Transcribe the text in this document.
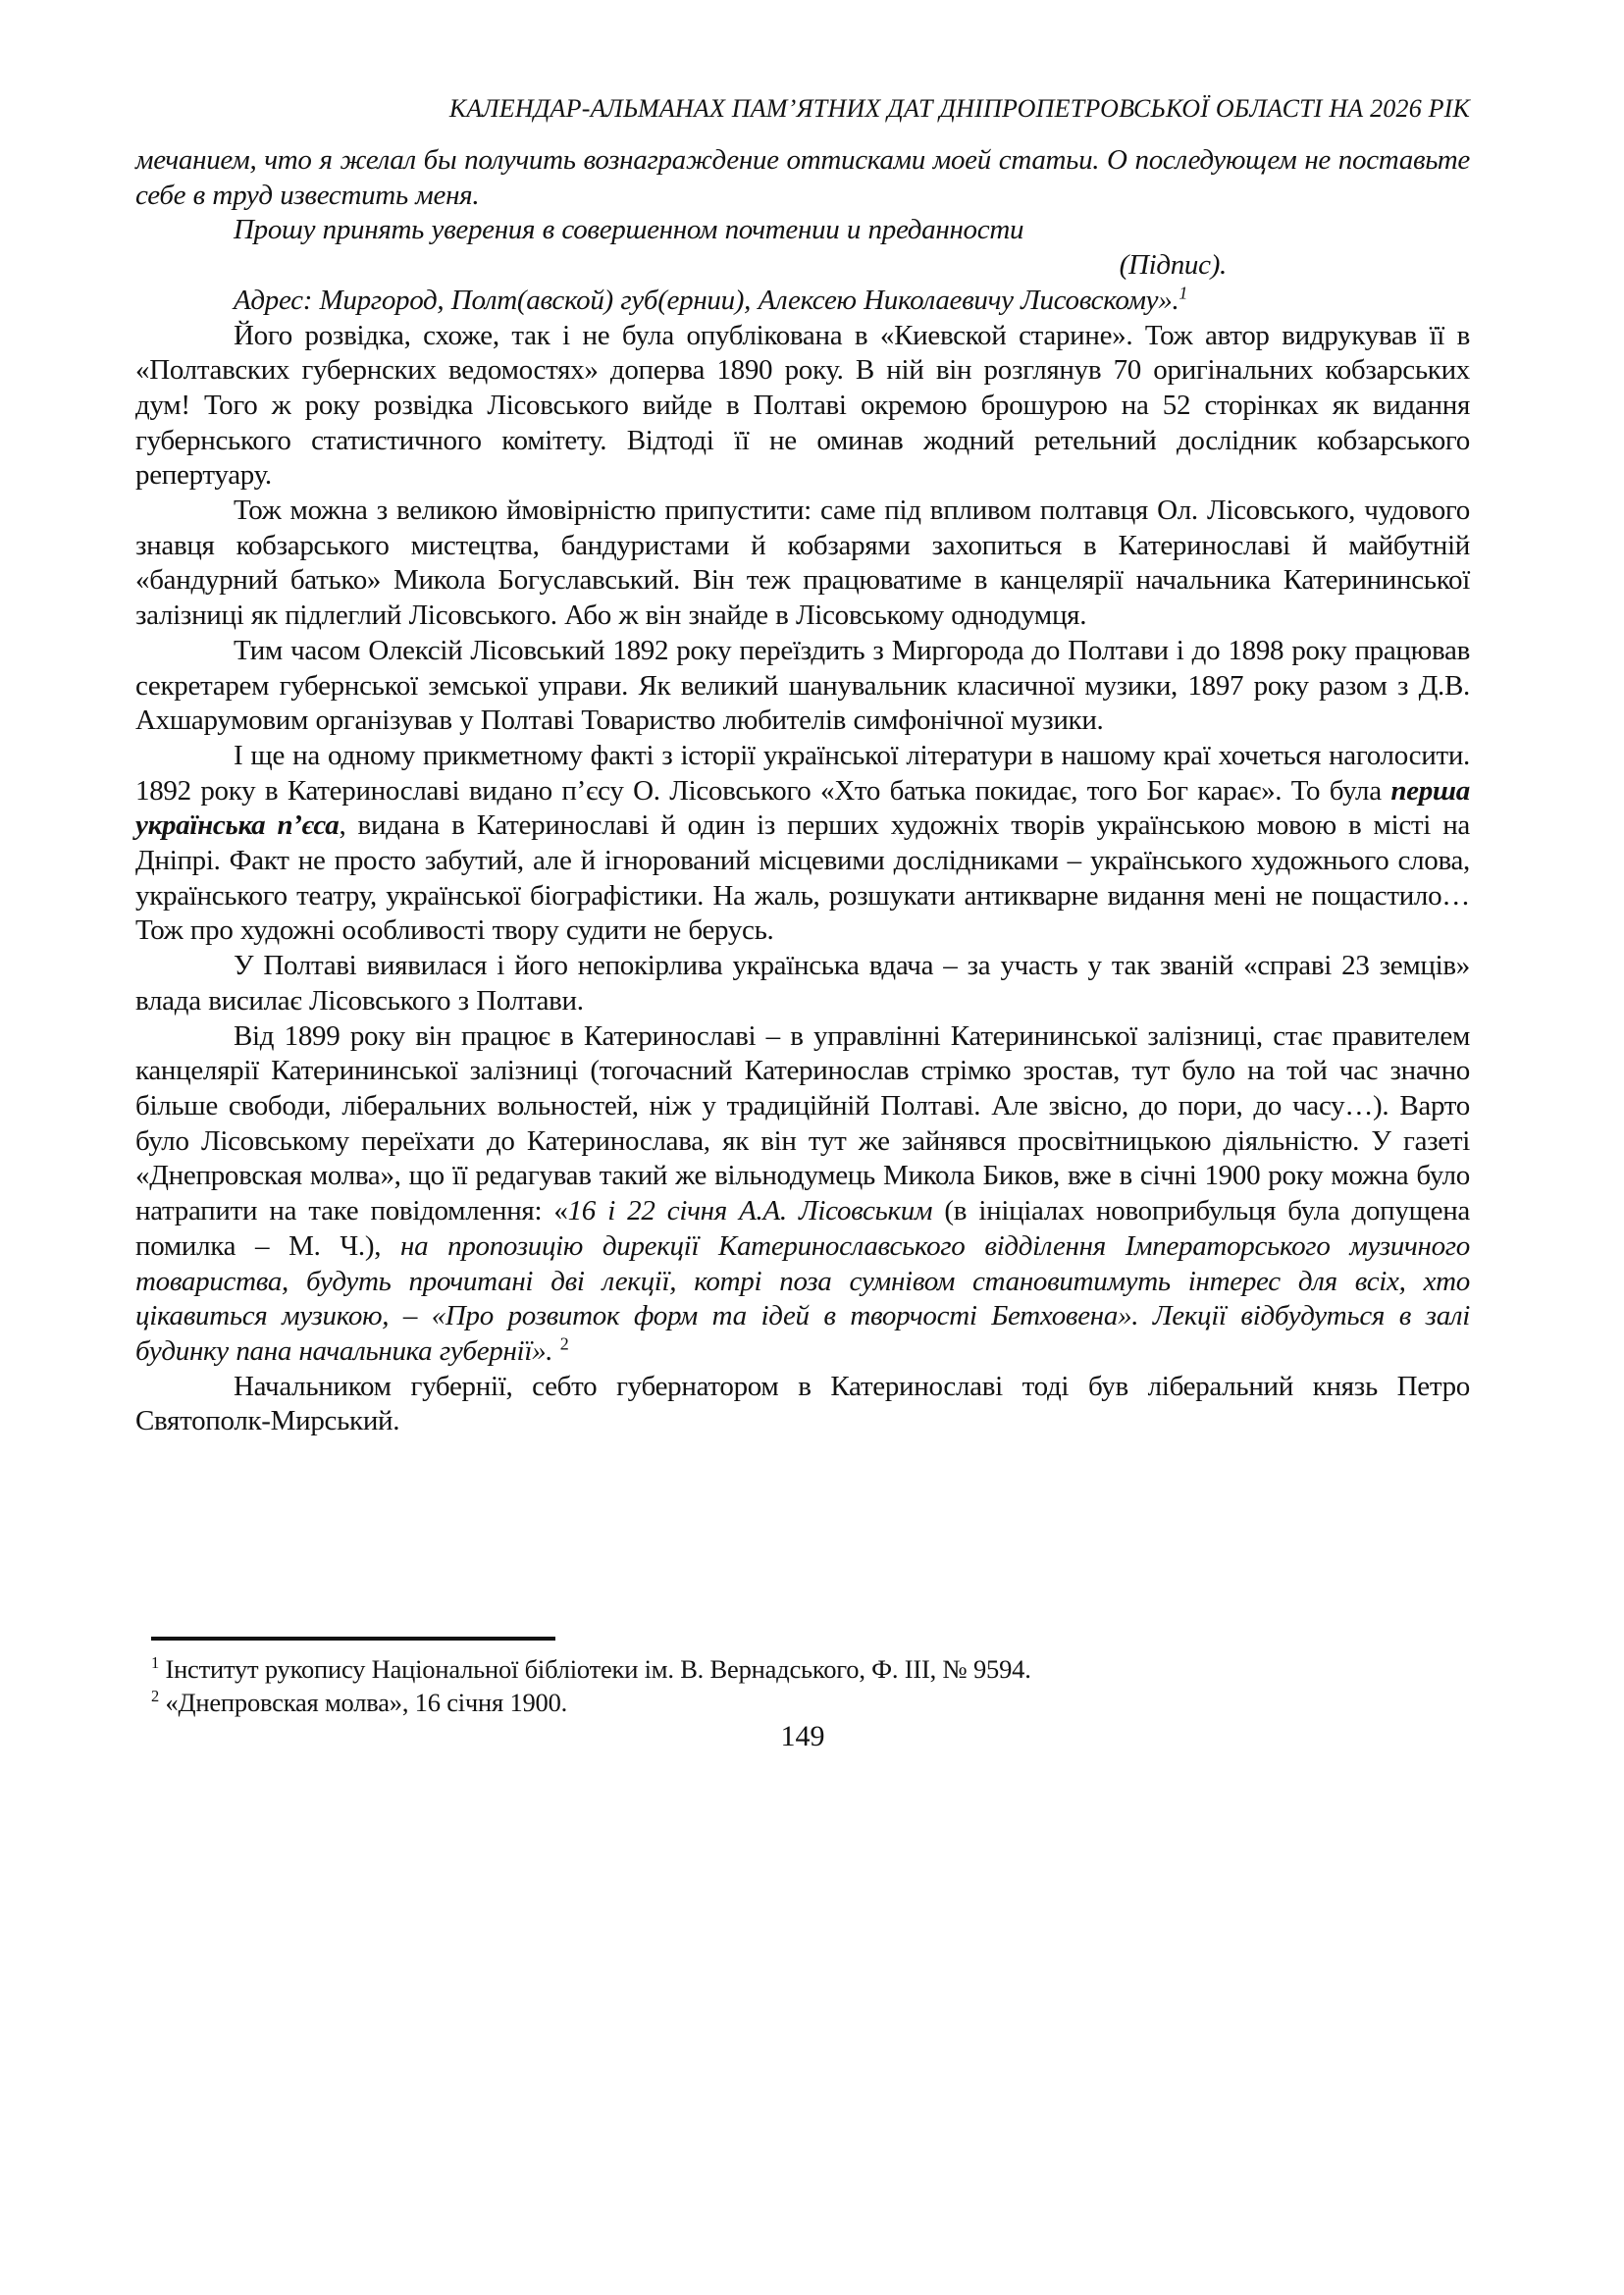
КАЛЕНДАР-АЛЬМАНАХ ПАМ’ЯТНИХ ДАТ ДНІПРОПЕТРОВСЬКОЇ ОБЛАСТІ НА 2026 РІК

мечанием, что я желал бы получить вознаграждение оттисками моей статьи. О последующем не поставьте себе в труд известить меня.

Прошу принять уверения в совершенном почтении и преданности

(Підпис).

Адрес: Миргород, Полт(авской) губ(ернии), Алексею Николаевичу Лисовскому».$^1$

Його розвідка, схоже, так і не була опублікована в «Киевской старине». Тож автор видрукував її в «Полтавских губернских ведомостях» доперва 1890 року. В ній він розглянув 70 оригінальних кобзарських дум! Того ж року розвідка Лісовського вийде в Полтаві окремою брошурою на 52 сторінках як видання губернського статистичного комітету. Відтоді її не оминав жодний ретельний дослідник кобзарського репертуару.

Тож можна з великою ймовірністю припустити: саме під впливом полтавця Ол. Лісовського, чудового знавця кобзарського мистецтва, бандуристами й кобзарями захопиться в Катеринославі й майбутній «бандурний батько» Микола Богуславський. Він теж працюватиме в канцелярії начальника Катерининської залізниці як підлеглий Лісовського. Або ж він знайде в Лісовському однодумця.

Тим часом Олексій Лісовський 1892 року переїздить з Миргорода до Полтави і до 1898 року працював секретарем губернської земської управи. Як великий шанувальник класичної музики, 1897 року разом з Д.В. Ахшарумовим організував у Полтаві Товариство любителів симфонічної музики.

І ще на одному прикметному факті з історії української літератури в нашому краї хочеться наголосити. 1892 року в Катеринославі видано п’єсу О. Лісовського «Хто батька покидає, того Бог карає». То була перша українська п’єса, видана в Катеринославі й один із перших художніх творів українською мовою в місті на Дніпрі. Факт не просто забутий, але й ігнорований місцевими дослідниками – українського художнього слова, українського театру, української біографістики. На жаль, розшукати антикварне видання мені не пощастило… Тож про художні особливості твору судити не берусь.

У Полтаві виявилася і його непокірлива українська вдача – за участь у так званій «справі 23 земців» влада висилає Лісовського з Полтави.

Від 1899 року він працює в Катеринославі – в управлінні Катерининської залізниці, стає правителем канцелярії Катерининської залізниці (тогочасний Катеринослав стрімко зростав, тут було на той час значно більше свободи, ліберальних вольностей, ніж у традиційній Полтаві. Але звісно, до пори, до часу…). Варто було Лісовському переїхати до Катеринослава, як він тут же зайнявся просвітницькою діяльністю. У газеті «Днепровская молва», що її редагував такий же вільнодумець Микола Биков, вже в січні 1900 року можна було натрапити на таке повідомлення: «16 і 22 січня А.А. Лісовським (в ініціалах новоприбульця була допущена помилка – М. Ч.), на пропозицію дирекції Катеринославського відділення Імператорського музичного товариства, будуть прочитані дві лекції, котрі поза сумнівом становитимуть інтерес для всіх, хто цікавиться музикою, – «Про розвиток форм та ідей в творчості Бетховена». Лекції відбудуться в залі будинку пана начальника губернії». $^2$

Начальником губернії, себто губернатором в Катеринославі тоді був ліберальний князь Петро Святополк-Мирський.

$^1$ Інститут рукопису Національної бібліотеки ім. В. Вернадського, Ф. ІІІ, № 9594.

$^2$ «Днепровская молва», 16 січня 1900.

149
